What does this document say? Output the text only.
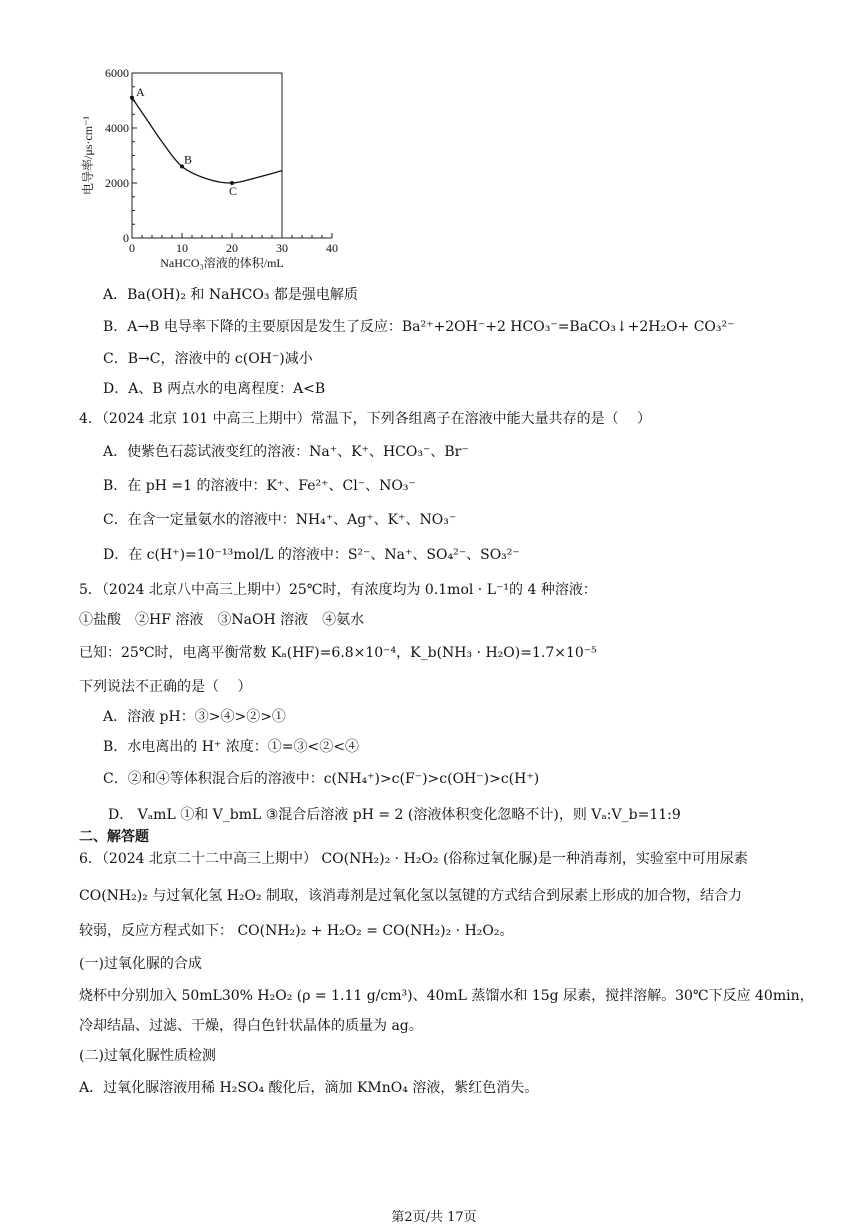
0	10	20	30	40
0
2000
4000
6000
NaHCO₃溶液的体积/mL
电导率/μs·cm⁻¹
A
B
C
A．Ba(OH)₂ 和 NaHCO₃ 都是强电解质
B．A→B 电导率下降的主要原因是发生了反应：Ba²⁺+2OH⁻+2 HCO₃⁻=BaCO₃↓+2H₂O+ CO₃²⁻
C．B→C，溶液中的 c(OH⁻)减小
D．A、B 两点水的电离程度：A<B
4．（2024 北京 101 中高三上期中）常温下，下列各组离子在溶液中能大量共存的是（　 ）
A．使紫色石蕊试液变红的溶液：Na⁺、K⁺、HCO₃⁻、Br⁻
B．在 pH =1 的溶液中：K⁺、Fe²⁺、Cl⁻、NO₃⁻
C．在含一定量氨水的溶液中：NH₄⁺、Ag⁺、K⁺、NO₃⁻
D．在 c(H⁺)=10⁻¹³mol/L 的溶液中：S²⁻、Na⁺、SO₄²⁻、SO₃²⁻
5．（2024 北京八中高三上期中）25℃时，有浓度均为 0.1mol · L⁻¹的 4 种溶液：
①盐酸　②HF 溶液　③NaOH 溶液　④氨水
已知：25℃时，电离平衡常数 Kₐ(HF)=6.8×10⁻⁴，K_b(NH₃ · H₂O)=1.7×10⁻⁵
下列说法不正确的是（　 ）
A．溶液 pH：③>④>②>①
B．水电离出的 H⁺ 浓度：①=③<②<④
C．②和④等体积混合后的溶液中：c(NH₄⁺)>c(F⁻)>c(OH⁻)>c(H⁺)
D． VₐmL ①和 V_bmL ③混合后溶液 pH = 2 (溶液体积变化忽略不计)，则 Vₐ:V_b=11:9
二、解答题
6．（2024 北京二十二中高三上期中） CO(NH₂)₂ · H₂O₂ (俗称过氧化脲)是一种消毒剂，实验室中可用尿素
CO(NH₂)₂ 与过氧化氢 H₂O₂ 制取，该消毒剂是过氧化氢以氢键的方式结合到尿素上形成的加合物，结合力
较弱，反应方程式如下： CO(NH₂)₂ + H₂O₂ = CO(NH₂)₂ · H₂O₂。
(一)过氧化脲的合成
烧杯中分别加入 50mL30% H₂O₂ (ρ = 1.11 g/cm³)、40mL 蒸馏水和 15g 尿素，搅拌溶解。30℃下反应 40min，
冷却结晶、过滤、干燥，得白色针状晶体的质量为 ag。
(二)过氧化脲性质检测
A．过氧化脲溶液用稀 H₂SO₄ 酸化后，滴加 KMnO₄ 溶液，紫红色消失。
第2页/共 17页
